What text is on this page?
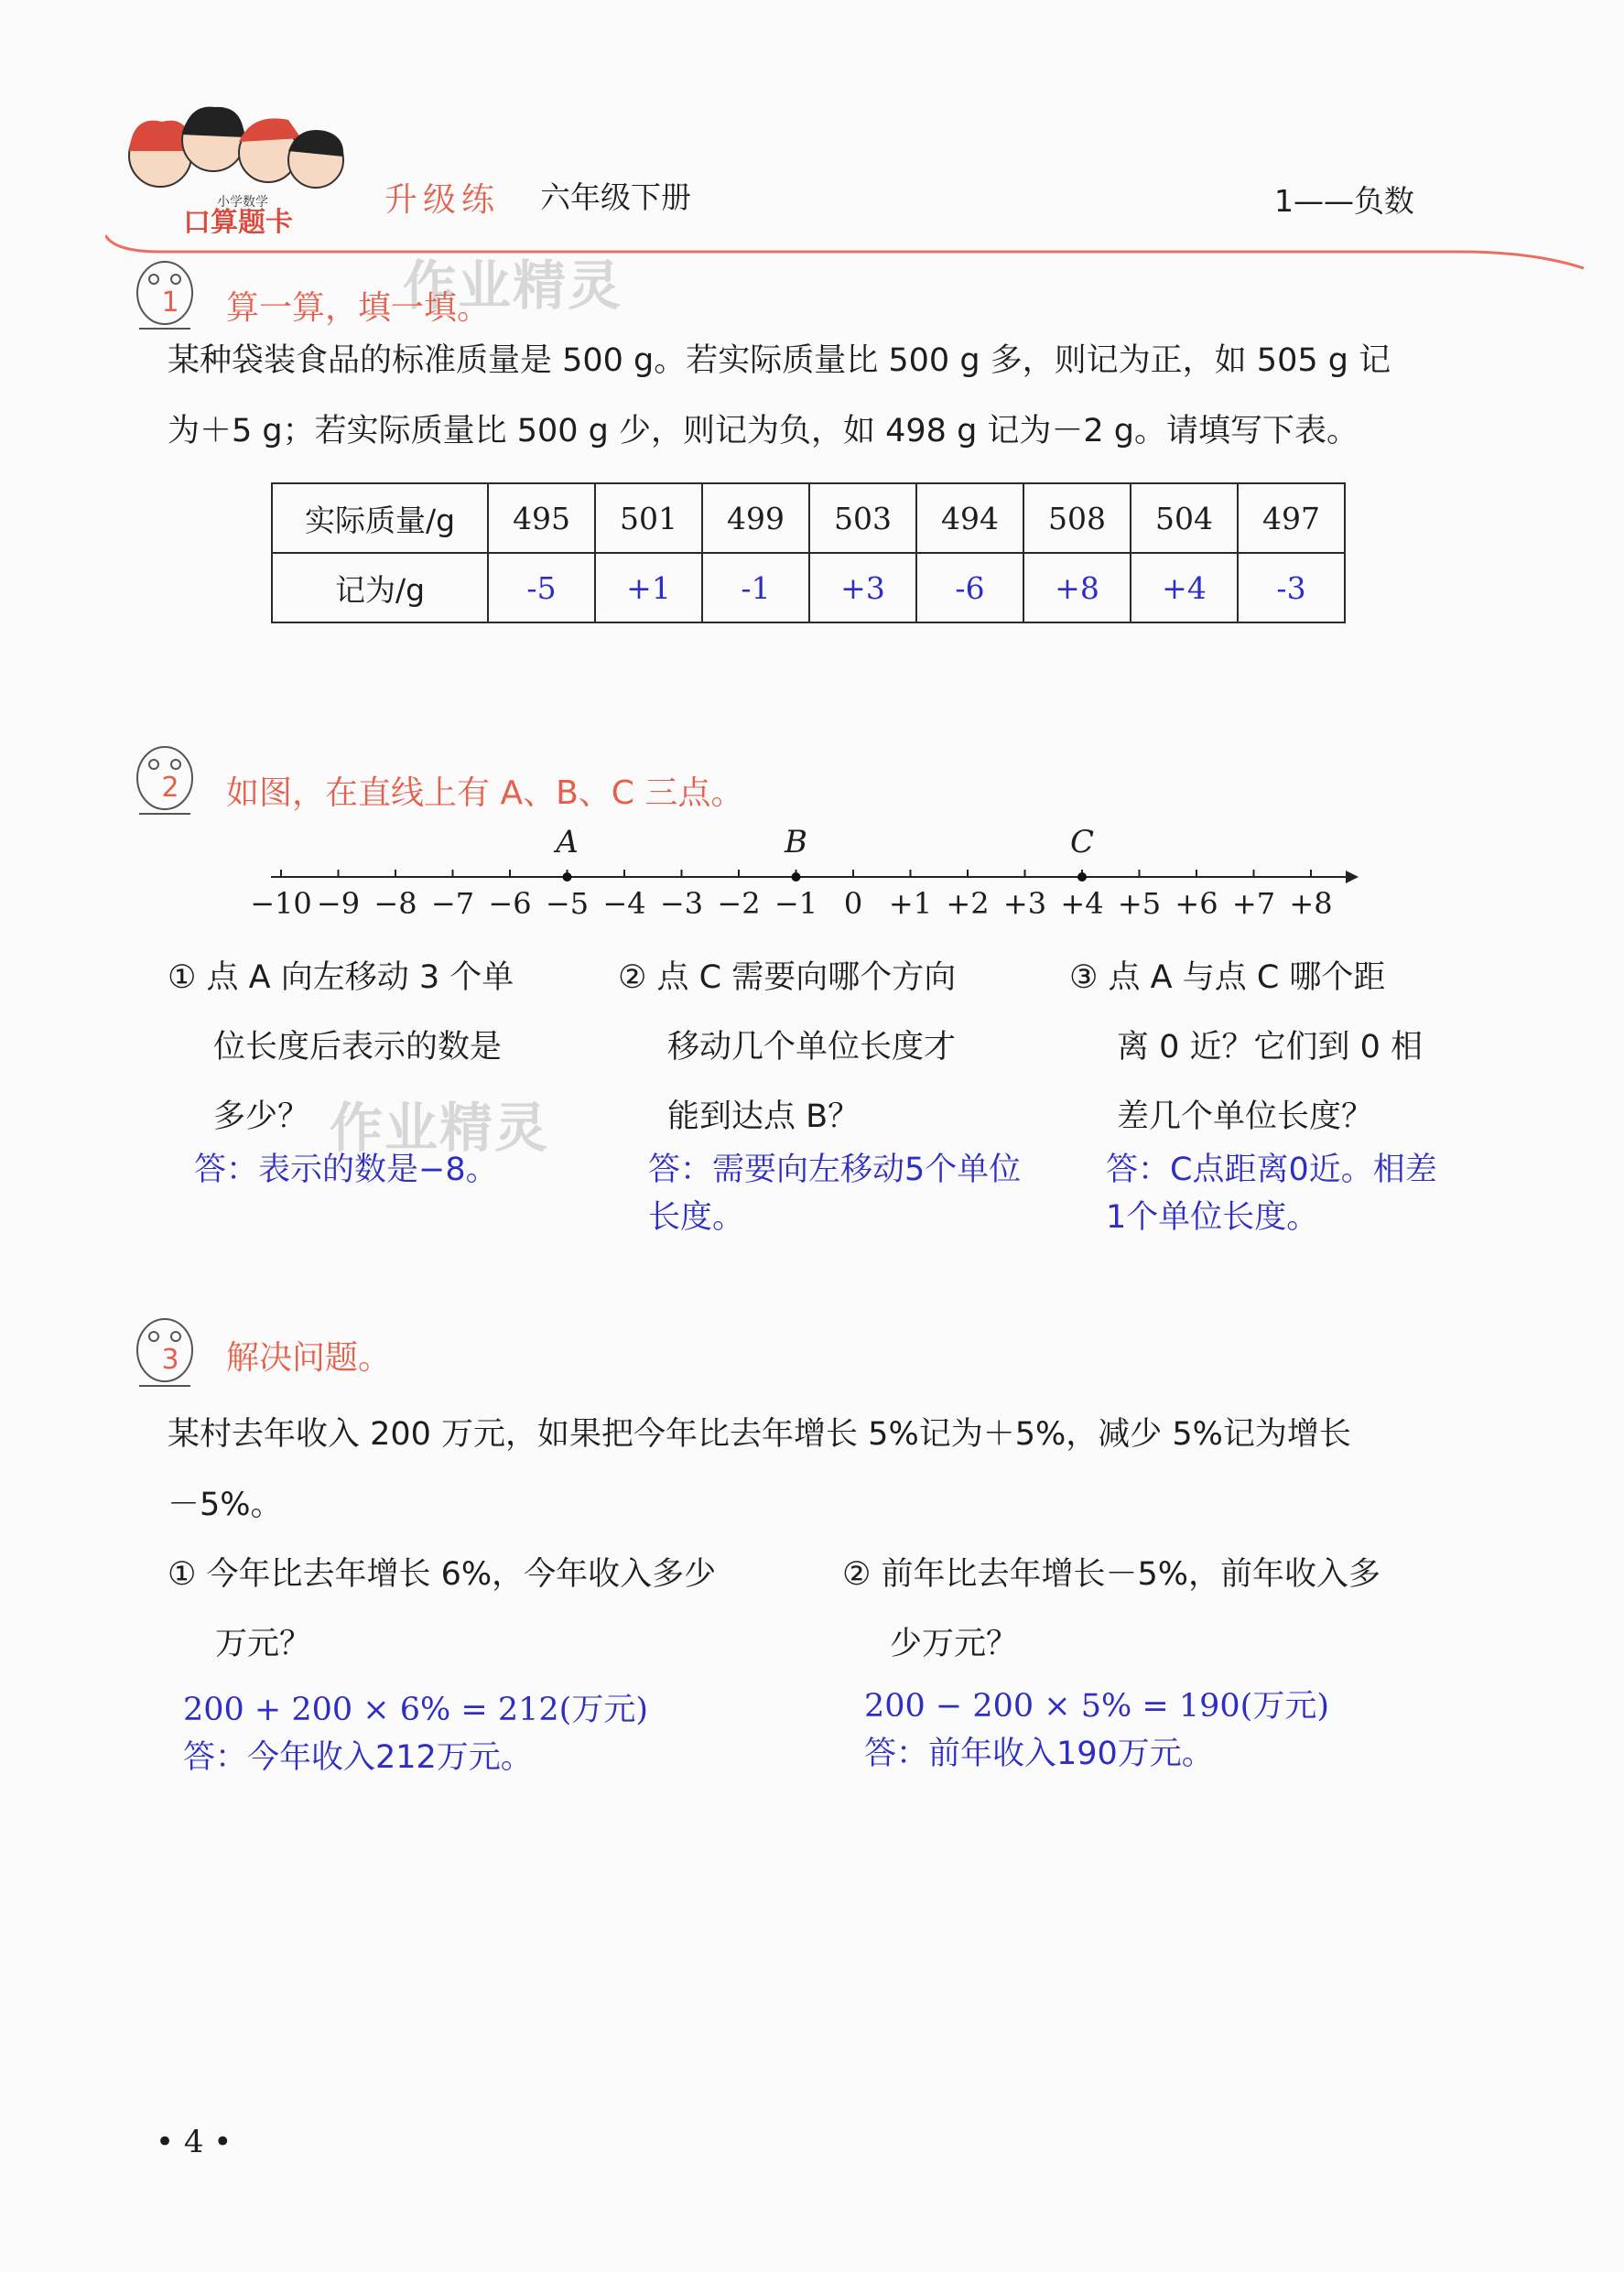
小学数学
口算题卡
升级练 六年级下册	1——负数
作业精灵
作业精灵
1 算一算，填一填。
某种袋装食品的标准质量是 500 g。若实际质量比 500 g 多，则记为正，如 505 g 记
为＋5 g；若实际质量比 500 g 少，则记为负，如 498 g 记为－2 g。请填写下表。
实际质量/g	495	501	499	503	494	508	504	497
记为/g	-5	+1	-1	+3	-6	+8	+4	-3
2 如图，在直线上有 A、B、C 三点。
−10 −9 −8 −7 −6 −5 −4 −3 −2 −1 0 +1 +2 +3 +4 +5 +6 +7 +8
A	B	C
① 点 A 向左移动 3 个单
位长度后表示的数是
多少？
答：表示的数是−8。
② 点 C 需要向哪个方向
移动几个单位长度才
能到达点 B？
答：需要向左移动5个单位
长度。
③ 点 A 与点 C 哪个距
离 0 近？它们到 0 相
差几个单位长度？
答：C点距离0近。相差
1个单位长度。
3 解决问题。
某村去年收入 200 万元，如果把今年比去年增长 5%记为＋5%，减少 5%记为增长
－5%。
① 今年比去年增长 6%，今年收入多少
万元？
200 + 200 × 6% = 212(万元)
答：今年收入212万元。
② 前年比去年增长－5%，前年收入多
少万元？
200 − 200 × 5% = 190(万元)
答：前年收入190万元。
• 4 •
